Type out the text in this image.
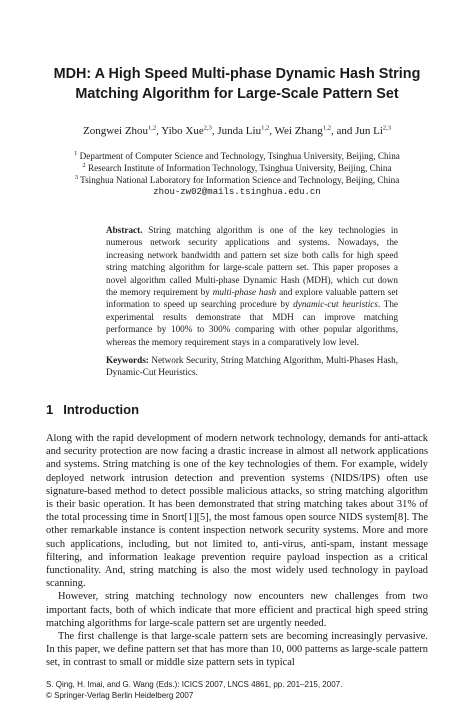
MDH: A High Speed Multi-phase Dynamic Hash String Matching Algorithm for Large-Scale Pattern Set
Zongwei Zhou$^{1,2}$, Yibo Xue$^{2,3}$, Junda Liu$^{1,2}$, Wei Zhang$^{1,2}$, and Jun Li$^{2,3}$
$^1$ Department of Computer Science and Technology, Tsinghua University, Beijing, China
$^2$ Research Institute of Information Technology, Tsinghua University, Beijing, China
$^3$ Tsinghua National Laboratory for Information Science and Technology, Beijing, China
zhou-zw02@mails.tsinghua.edu.cn

Abstract. String matching algorithm is one of the key technologies in numerous network security applications and systems. Nowadays, the increasing network bandwidth and pattern set size both calls for high speed string matching algorithm for large-scale pattern set. This paper proposes a novel algorithm called Multi-phase Dynamic Hash (MDH), which cut down the memory requirement by multi-phase hash and explore valuable pattern set information to speed up searching procedure by dynamic-cut heuristics. The experimental results demonstrate that MDH can improve matching performance by 100% to 300% comparing with other popular algorithms, whereas the memory requirement stays in a comparatively low level.

Keywords: Network Security, String Matching Algorithm, Multi-Phases Hash, Dynamic-Cut Heuristics.

1 Introduction

Along with the rapid development of modern network technology, demands for anti-attack and security protection are now facing a drastic increase in almost all network applications and systems. String matching is one of the key technologies of them. For example, widely deployed network intrusion detection and prevention systems (NIDS/IPS) often use signature-based method to detect possible malicious attacks, so string matching algorithm is their basic operation. It has been demonstrated that string matching takes about 31% of the total processing time in Snort[1][5], the most famous open source NIDS system[8]. The other remarkable instance is content inspection network security systems. More and more such applications, including, but not limited to, anti-virus, anti-spam, instant message filtering, and information leakage prevention require payload inspection as a critical functionality. And, string matching is also the most widely used technology in payload scanning.

However, string matching technology now encounters new challenges from two important facts, both of which indicate that more efficient and practical high speed string matching algorithms for large-scale pattern set are urgently needed.

The first challenge is that large-scale pattern sets are becoming increasingly pervasive. In this paper, we define pattern set that has more than 10, 000 patterns as large-scale pattern set, in contrast to small or middle size pattern sets in typical

S. Qing, H. Imai, and G. Wang (Eds.): ICICS 2007, LNCS 4861, pp. 201–215, 2007.
© Springer-Verlag Berlin Heidelberg 2007
